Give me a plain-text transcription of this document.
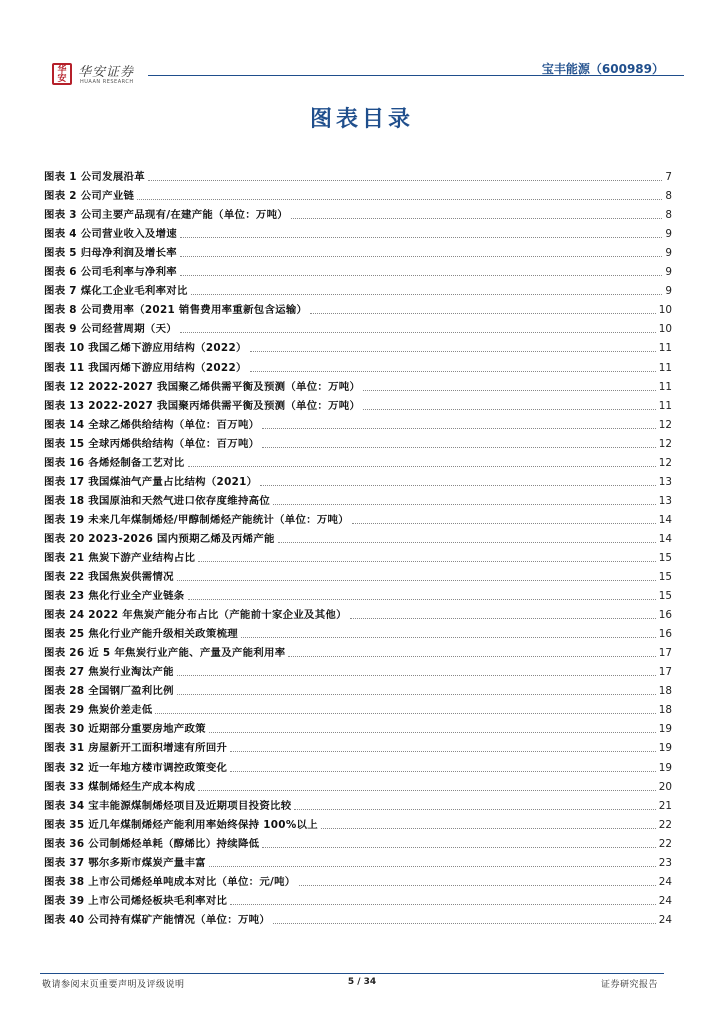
华安 华安证券
HUAAN RESEARCH
宝丰能源（600989）
图表目录
图表 1 公司发展沿革	7
图表 2 公司产业链	8
图表 3 公司主要产品现有/在建产能（单位：万吨）	8
图表 4 公司营业收入及增速	9
图表 5 归母净利润及增长率	9
图表 6 公司毛利率与净利率	9
图表 7 煤化工企业毛利率对比	9
图表 8 公司费用率（2021 销售费用率重新包含运输）	10
图表 9 公司经营周期（天）	10
图表 10 我国乙烯下游应用结构（2022）	11
图表 11 我国丙烯下游应用结构（2022）	11
图表 12 2022-2027 我国聚乙烯供需平衡及预测（单位：万吨）	11
图表 13 2022-2027 我国聚丙烯供需平衡及预测（单位：万吨）	11
图表 14 全球乙烯供给结构（单位：百万吨）	12
图表 15 全球丙烯供给结构（单位：百万吨）	12
图表 16 各烯烃制备工艺对比	12
图表 17 我国煤油气产量占比结构（2021）	13
图表 18 我国原油和天然气进口依存度维持高位	13
图表 19 未来几年煤制烯烃/甲醇制烯烃产能统计（单位：万吨）	14
图表 20 2023-2026 国内预期乙烯及丙烯产能	14
图表 21 焦炭下游产业结构占比	15
图表 22 我国焦炭供需情况	15
图表 23 焦化行业全产业链条	15
图表 24 2022 年焦炭产能分布占比（产能前十家企业及其他）	16
图表 25 焦化行业产能升级相关政策梳理	16
图表 26 近 5 年焦炭行业产能、产量及产能利用率	17
图表 27 焦炭行业淘汰产能	17
图表 28 全国钢厂盈利比例	18
图表 29 焦炭价差走低	18
图表 30 近期部分重要房地产政策	19
图表 31 房屋新开工面积增速有所回升	19
图表 32 近一年地方楼市调控政策变化	19
图表 33 煤制烯烃生产成本构成	20
图表 34 宝丰能源煤制烯烃项目及近期项目投资比较	21
图表 35 近几年煤制烯烃产能利用率始终保持 100%以上	22
图表 36 公司制烯烃单耗（醇烯比）持续降低	22
图表 37 鄂尔多斯市煤炭产量丰富	23
图表 38 上市公司烯烃单吨成本对比（单位：元/吨）	24
图表 39 上市公司烯烃板块毛利率对比	24
图表 40 公司持有煤矿产能情况（单位：万吨）	24
敬请参阅末页重要声明及评级说明	5 / 34	证券研究报告
